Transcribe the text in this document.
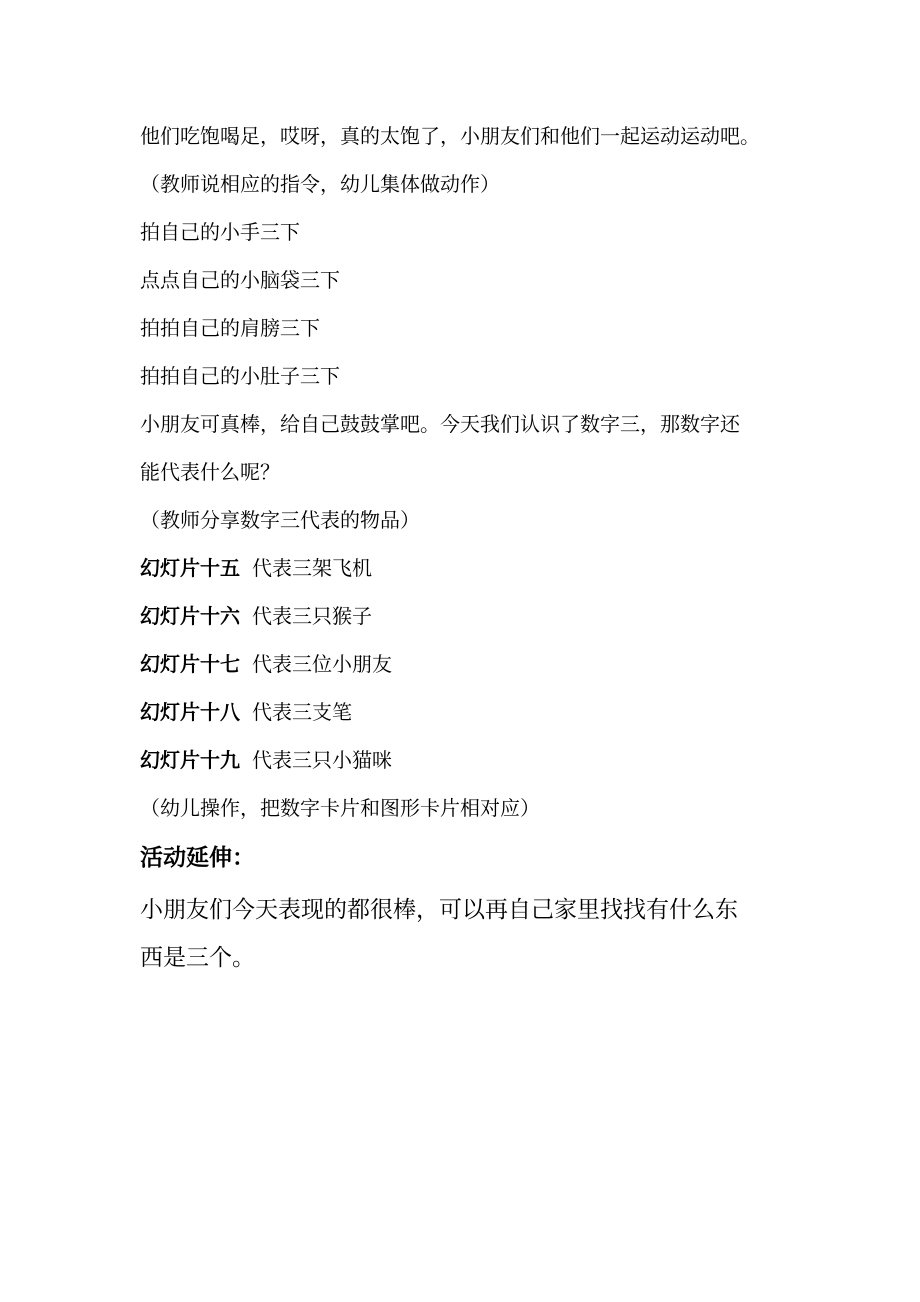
他们吃饱喝足，哎呀，真的太饱了，小朋友们和他们一起运动运动吧。
（教师说相应的指令，幼儿集体做动作）
拍自己的小手三下
点点自己的小脑袋三下
拍拍自己的肩膀三下
拍拍自己的小肚子三下
小朋友可真棒，给自己鼓鼓掌吧。今天我们认识了数字三，那数字还
能代表什么呢？
（教师分享数字三代表的物品）
幻灯片十五 代表三架飞机
幻灯片十六 代表三只猴子
幻灯片十七 代表三位小朋友
幻灯片十八 代表三支笔
幻灯片十九 代表三只小猫咪
（幼儿操作，把数字卡片和图形卡片相对应）
活动延伸：
小朋友们今天表现的都很棒，可以再自己家里找找有什么东
西是三个。
